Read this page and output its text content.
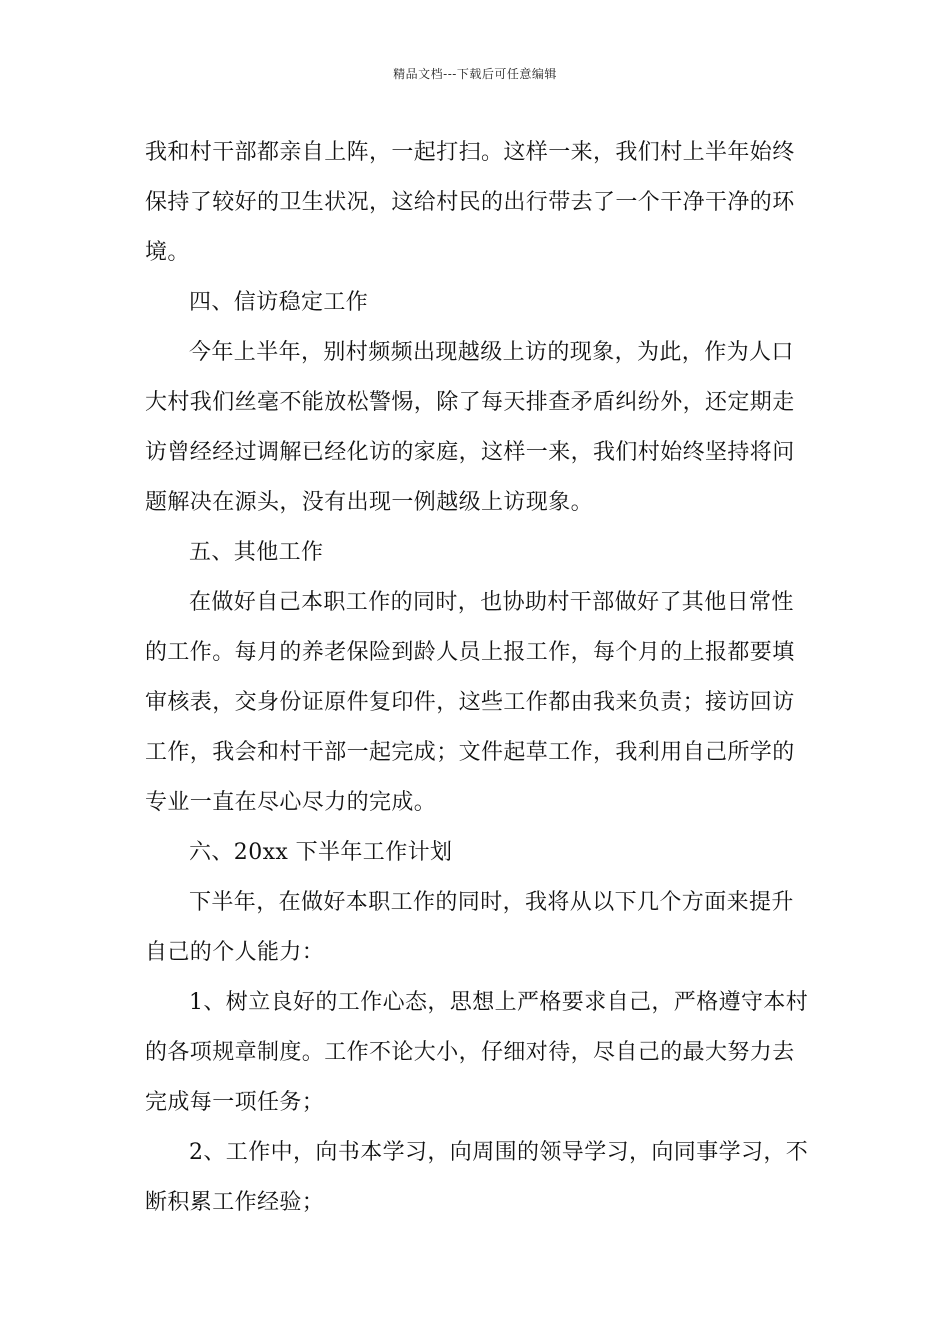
精品文档---下载后可任意编辑
我和村干部都亲自上阵，一起打扫。这样一来，我们村上半年始终
保持了较好的卫生状况，这给村民的出行带去了一个干净干净的环
境。
四、信访稳定工作
今年上半年，别村频频出现越级上访的现象，为此，作为人口
大村我们丝毫不能放松警惕，除了每天排查矛盾纠纷外，还定期走
访曾经经过调解已经化访的家庭，这样一来，我们村始终坚持将问
题解决在源头，没有出现一例越级上访现象。
五、其他工作
在做好自己本职工作的同时，也协助村干部做好了其他日常性
的工作。每月的养老保险到龄人员上报工作，每个月的上报都要填
审核表，交身份证原件复印件，这些工作都由我来负责；接访回访
工作，我会和村干部一起完成；文件起草工作，我利用自己所学的
专业一直在尽心尽力的完成。
六、20xx 下半年工作计划
下半年，在做好本职工作的同时，我将从以下几个方面来提升
自己的个人能力：
1、树立良好的工作心态，思想上严格要求自己，严格遵守本村
的各项规章制度。工作不论大小，仔细对待，尽自己的最大努力去
完成每一项任务；
2、工作中，向书本学习，向周围的领导学习，向同事学习，不
断积累工作经验；
